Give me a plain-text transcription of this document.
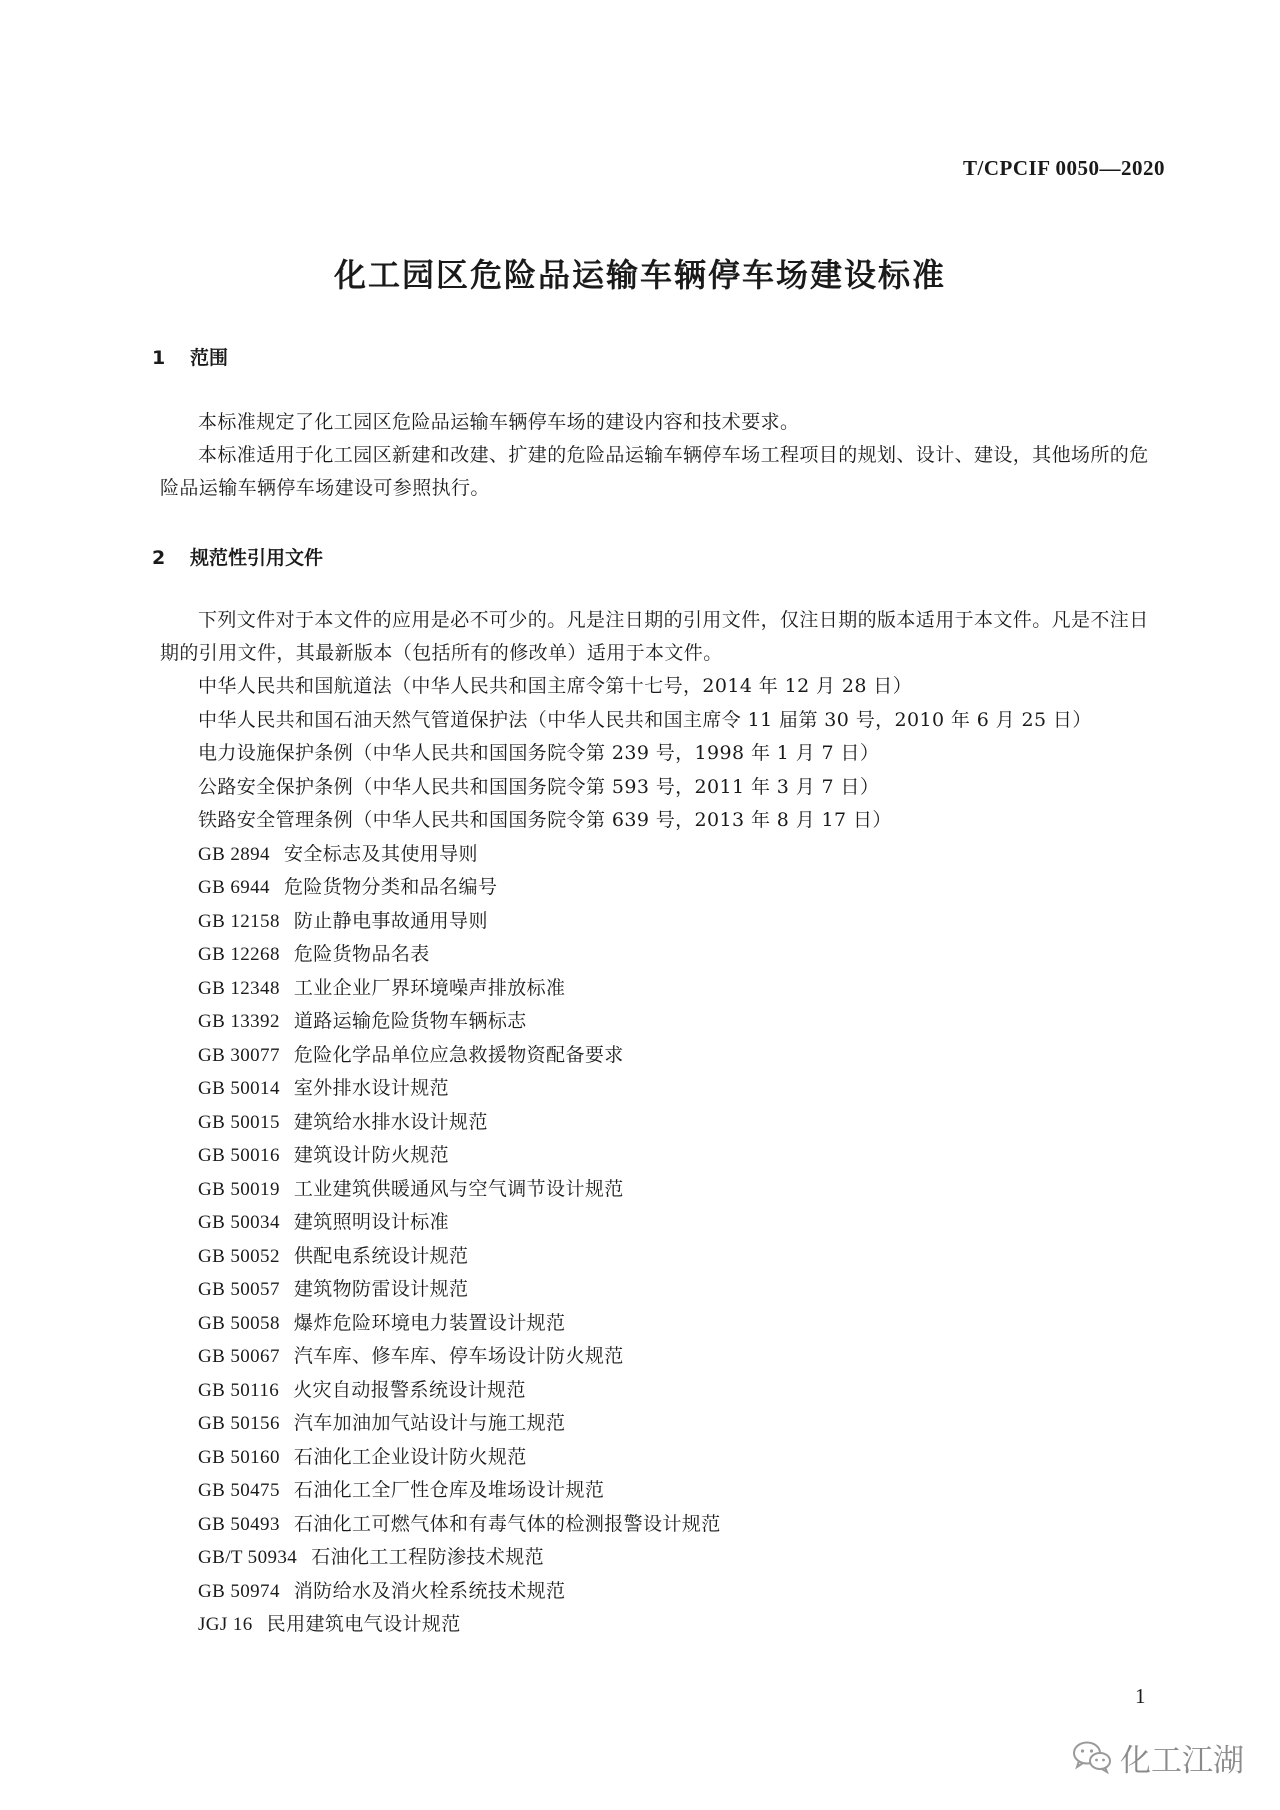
T/CPCIF 0050—2020
化工园区危险品运输车辆停车场建设标准
1 范围

本标准规定了化工园区危险品运输车辆停车场的建设内容和技术要求。

本标准适用于化工园区新建和改建、扩建的危险品运输车辆停车场工程项目的规划、设计、建设，其他场所的危险品运输车辆停车场建设可参照执行。

2 规范性引用文件

下列文件对于本文件的应用是必不可少的。凡是注日期的引用文件，仅注日期的版本适用于本文件。凡是不注日期的引用文件，其最新版本（包括所有的修改单）适用于本文件。

中华人民共和国航道法（中华人民共和国主席令第十七号，2014 年 12 月 28 日）
中华人民共和国石油天然气管道保护法（中华人民共和国主席令 11 届第 30 号，2010 年 6 月 25 日）
电力设施保护条例（中华人民共和国国务院令第 239 号，1998 年 1 月 7 日）
公路安全保护条例（中华人民共和国国务院令第 593 号，2011 年 3 月 7 日）
铁路安全管理条例（中华人民共和国国务院令第 639 号，2013 年 8 月 17 日）
GB 2894 安全标志及其使用导则
GB 6944 危险货物分类和品名编号
GB 12158 防止静电事故通用导则
GB 12268 危险货物品名表
GB 12348 工业企业厂界环境噪声排放标准
GB 13392 道路运输危险货物车辆标志
GB 30077 危险化学品单位应急救援物资配备要求
GB 50014 室外排水设计规范
GB 50015 建筑给水排水设计规范
GB 50016 建筑设计防火规范
GB 50019 工业建筑供暖通风与空气调节设计规范
GB 50034 建筑照明设计标准
GB 50052 供配电系统设计规范
GB 50057 建筑物防雷设计规范
GB 50058 爆炸危险环境电力装置设计规范
GB 50067 汽车库、修车库、停车场设计防火规范
GB 50116 火灾自动报警系统设计规范
GB 50156 汽车加油加气站设计与施工规范
GB 50160 石油化工企业设计防火规范
GB 50475 石油化工全厂性仓库及堆场设计规范
GB 50493 石油化工可燃气体和有毒气体的检测报警设计规范
GB/T 50934 石油化工工程防渗技术规范
GB 50974 消防给水及消火栓系统技术规范
JGJ 16 民用建筑电气设计规范
1
化工江湖
